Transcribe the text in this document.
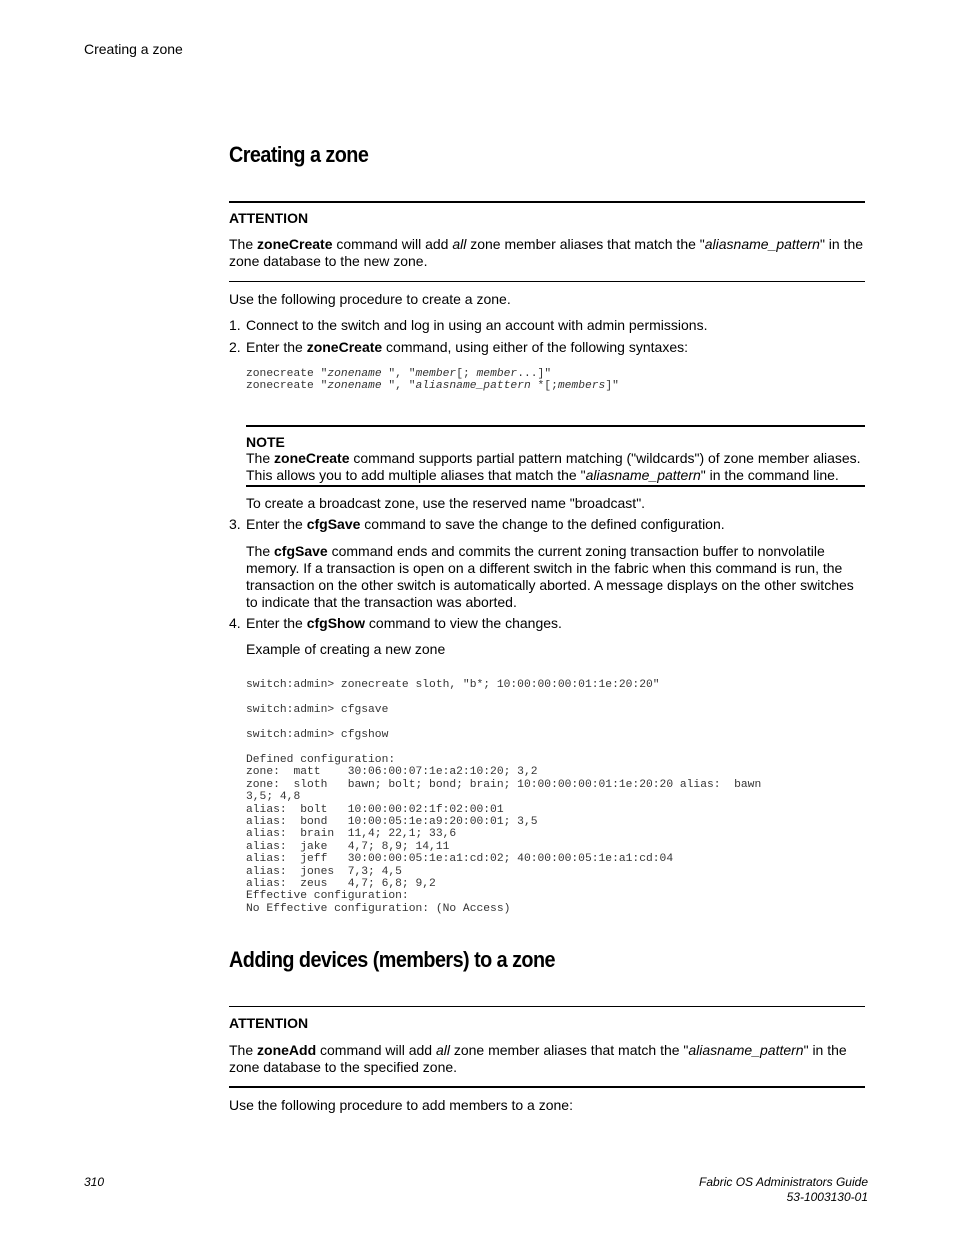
Creating a zone
Creating a zone
ATTENTION
The zoneCreate command will add all zone member aliases that match the "aliasname_pattern" in the zone database to the new zone.
Use the following procedure to create a zone.
1. Connect to the switch and log in using an account with admin permissions.
2. Enter the zoneCreate command, using either of the following syntaxes:
zonecreate "zonename ", "member[; member...]"
zonecreate "zonename ", "aliasname_pattern *[;members]"
NOTE
The zoneCreate command supports partial pattern matching ("wildcards") of zone member aliases. This allows you to add multiple aliases that match the "aliasname_pattern" in the command line.
To create a broadcast zone, use the reserved name "broadcast".
3. Enter the cfgSave command to save the change to the defined configuration.
The cfgSave command ends and commits the current zoning transaction buffer to nonvolatile memory. If a transaction is open on a different switch in the fabric when this command is run, the transaction on the other switch is automatically aborted. A message displays on the other switches to indicate that the transaction was aborted.
4. Enter the cfgShow command to view the changes.
Example of creating a new zone
switch:admin> zonecreate sloth, "b*; 10:00:00:00:01:1e:20:20"
switch:admin> cfgsave
switch:admin> cfgshow
Defined configuration:
zone:  matt    30:06:00:07:1e:a2:10:20; 3,2
zone:  sloth   bawn; bolt; bond; brain; 10:00:00:00:01:1e:20:20 alias:  bawn
3,5; 4,8
alias:  bolt   10:00:00:02:1f:02:00:01
alias:  bond   10:00:05:1e:a9:20:00:01; 3,5
alias:  brain  11,4; 22,1; 33,6
alias:  jake   4,7; 8,9; 14,11
alias:  jeff   30:00:00:05:1e:a1:cd:02; 40:00:00:05:1e:a1:cd:04
alias:  jones  7,3; 4,5
alias:  zeus   4,7; 6,8; 9,2
Effective configuration:
No Effective configuration: (No Access)
Adding devices (members) to a zone
ATTENTION
The zoneAdd command will add all zone member aliases that match the "aliasname_pattern" in the zone database to the specified zone.
Use the following procedure to add members to a zone:
310	Fabric OS Administrators Guide
53-1003130-01
